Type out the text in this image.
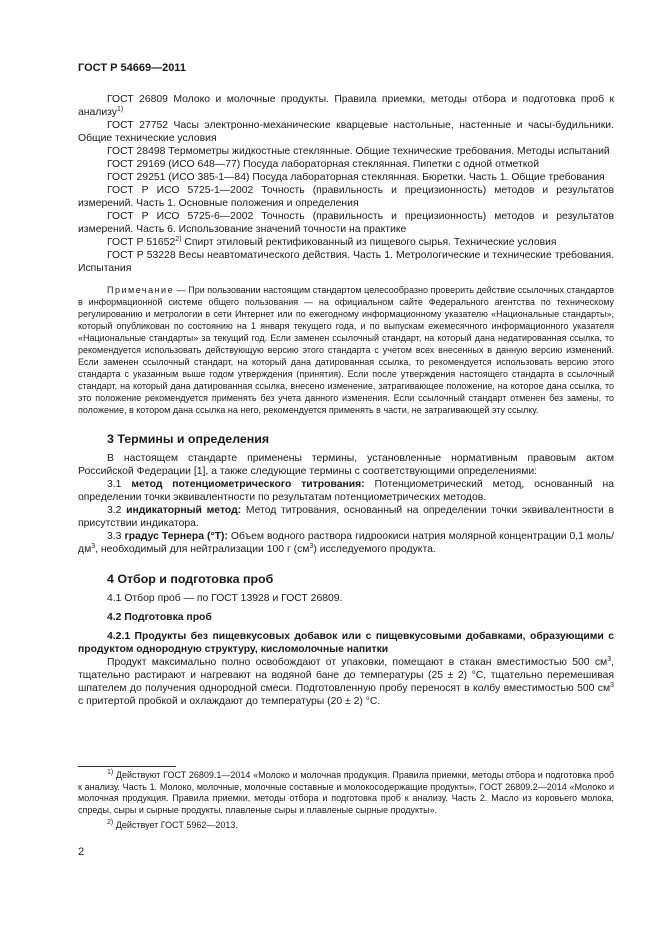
ГОСТ Р 54669—2011

ГОСТ 26809 Молоко и молочные продукты. Правила приемки, методы отбора и подготовка проб к анализу$^{1)}$

ГОСТ 27752 Часы электронно-механические кварцевые настольные, настенные и часы-будильники. Общие технические условия

ГОСТ 28498 Термометры жидкостные стеклянные. Общие технические требования. Методы испытаний

ГОСТ 29169 (ИСО 648—77) Посуда лабораторная стеклянная. Пипетки с одной отметкой

ГОСТ 29251 (ИСО 385-1—84) Посуда лабораторная стеклянная. Бюретки. Часть 1. Общие требования

ГОСТ Р ИСО 5725-1—2002 Точность (правильность и прецизионность) методов и результатов измерений. Часть 1. Основные положения и определения

ГОСТ Р ИСО 5725-6—2002 Точность (правильность и прецизионность) методов и результатов измерений. Часть 6. Использование значений точности на практике

ГОСТ Р 51652$^{2)}$ Спирт этиловый ректификованный из пищевого сырья. Технические условия

ГОСТ Р 53228 Весы неавтоматического действия. Часть 1. Метрологические и технические требования. Испытания

Примечание — При пользовании настоящим стандартом целесообразно проверить действие ссылочных стандартов в информационной системе общего пользования — на официальном сайте Федерального агентства по техническому регулированию и метрологии в сети Интернет или по ежегодному информационному указателю «Национальные стандарты», который опубликован по состоянию на 1 января текущего года, и по выпускам ежемесячного информационного указателя «Национальные стандарты» за текущий год. Если заменен ссылочный стандарт, на который дана недатированная ссылка, то рекомендуется использовать действующую версию этого стандарта с учетом всех внесенных в данную версию изменений. Если заменен ссылочный стандарт, на который дана датированная ссылка, то рекомендуется использовать версию этого стандарта с указанным выше годом утверждения (принятия). Если после утверждения настоящего стандарта в ссылочный стандарт, на который дана датированная ссылка, внесено изменение, затрагивающее положение, на которое дана ссылка, то это положение рекомендуется применять без учета данного изменения. Если ссылочный стандарт отменен без замены, то положение, в котором дана ссылка на него, рекомендуется применять в части, не затрагивающей эту ссылку.

3 Термины и определения

В настоящем стандарте применены термины, установленные нормативным правовым актом Российской Федерации [1], а также следующие термины с соответствующими определениями:

3.1 метод потенциометрического титрования: Потенциометрический метод, основанный на определении точки эквивалентности по результатам потенциометрических методов.

3.2 индикаторный метод: Метод титрования, основанный на определении точки эквивалентности в присутствии индикатора.

3.3 градус Тернера (°Т): Объем водного раствора гидроокиси натрия молярной концентрации 0,1 моль/$дм^3$, необходимый для нейтрализации 100 г $(см^3)$ исследуемого продукта.

4 Отбор и подготовка проб

4.1 Отбор проб — по ГОСТ 13928 и ГОСТ 26809.

4.2 Подготовка проб

4.2.1 Продукты без пищевкусовых добавок или с пищевкусовыми добавками, образующими с продуктом однородную структуру, кисломолочные напитки

Продукт максимально полно освобождают от упаковки, помещают в стакан вместимостью 500 $см^3$, тщательно растирают и нагревают на водяной бане до температуры (25 ± 2) °С, тщательно перемешивая шпателем до получения однородной смеси. Подготовленную пробу переносят в колбу вместимостью 500 $см^3$ с притертой пробкой и охлаждают до температуры (20 ± 2) °С.

$^{1)}$ Действуют ГОСТ 26809.1—2014 «Молоко и молочная продукция. Правила приемки, методы отбора и подготовка проб к анализу. Часть 1. Молоко, молочные, молочные составные и молокосодержащие продукты», ГОСТ 26809.2—2014 «Молоко и молочная продукция. Правила приемки, методы отбора и подготовка проб к анализу. Часть 2. Масло из коровьего молока, спреды, сыры и сырные продукты, плавленые сыры и плавленые сырные продукты».

$^{2)}$ Действует ГОСТ 5962—2013.

2
